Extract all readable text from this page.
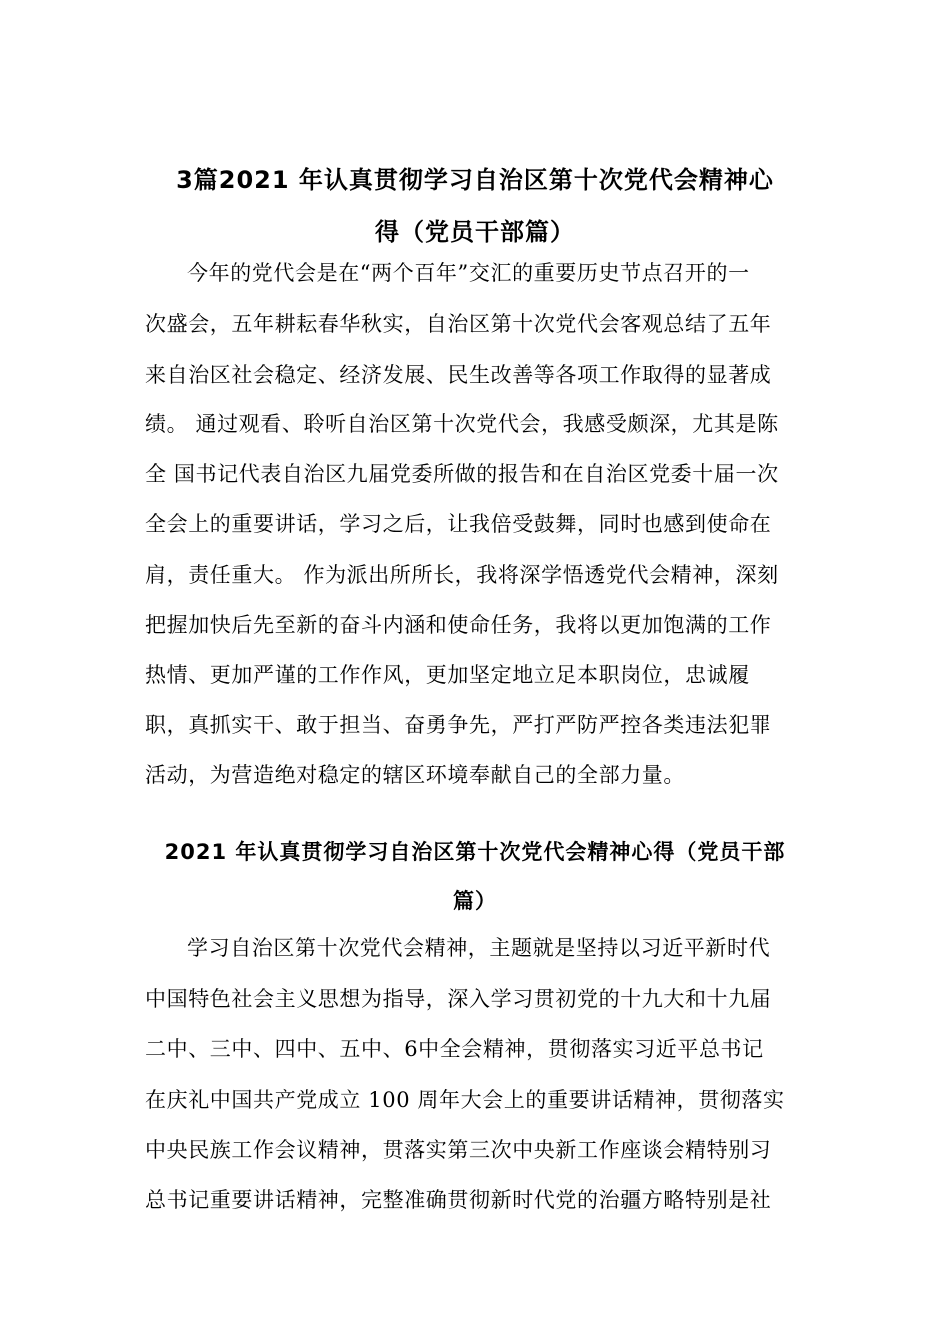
3篇2021 年认真贯彻学习自治区第十次党代会精神心
得（党员干部篇）
今年的党代会是在“两个百年”交汇的重要历史节点召开的一
次盛会，五年耕耘春华秋实，自治区第十次党代会客观总结了五年
来自治区社会稳定、经济发展、民生改善等各项工作取得的显著成
绩。 通过观看、聆听自治区第十次党代会，我感受颇深，尤其是陈
全 国书记代表自治区九届党委所做的报告和在自治区党委十届一次
全会上的重要讲话，学习之后，让我倍受鼓舞，同时也感到使命在
肩，责任重大。 作为派出所所长，我将深学悟透党代会精神，深刻
把握加快后先至新的奋斗内涵和使命任务，我将以更加饱满的工作
热情、更加严谨的工作作风，更加坚定地立足本职岗位，忠诚履
职，真抓实干、敢于担当、奋勇争先，严打严防严控各类违法犯罪
活动，为营造绝对稳定的辖区环境奉献自己的全部力量。
2021 年认真贯彻学习自治区第十次党代会精神心得（党员干部
篇）
学习自治区第十次党代会精神，主题就是坚持以习近平新时代
中国特色社会主义思想为指导，深入学习贯初党的十九大和十九届
二中、三中、四中、五中、6中全会精神，贯彻落实习近平总书记
在庆礼中国共产党成立 100 周年大会上的重要讲话精神，贯彻落实
中央民族工作会议精神，贯落实第三次中央新工作座谈会精特别习
总书记重要讲话精神，完整准确贯彻新时代党的治疆方略特别是社
